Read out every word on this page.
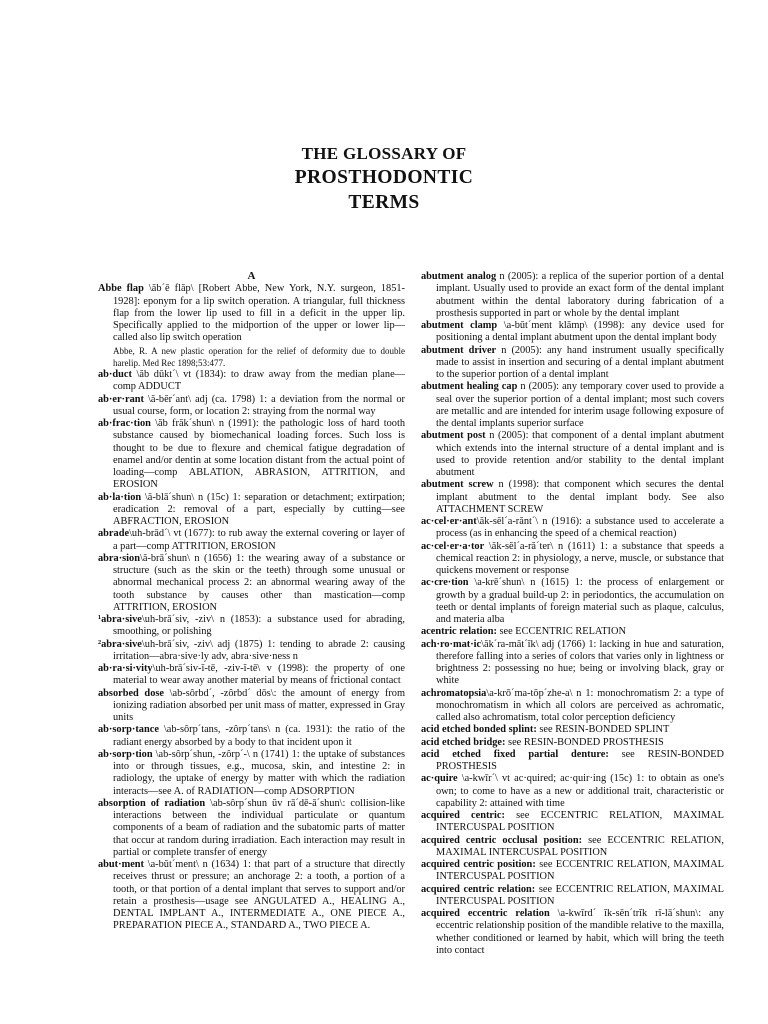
THE GLOSSARY OF
PROSTHODONTIC
TERMS

A

Abbe flap \ăb´ē flăp\ [Robert Abbe, New York, N.Y. surgeon, 1851-1928]: eponym for a lip switch operation. A triangular, full thickness flap from the lower lip used to fill in a deficit in the upper lip. Specifically applied to the midportion of the upper or lower lip—called also lip switch operation

Abbe, R. A new plastic operation for the relief of deformity due to double harelip. Med Rec 1898;53:477.

ab·duct \ăb dŭkt´\ vt (1834): to draw away from the median plane—comp ADDUCT

ab·er·rant \ă-bĕr´ant\ adj (ca. 1798) 1: a deviation from the normal or usual course, form, or location 2: straying from the normal way

ab·frac·tion \ăb frăk´shun\ n (1991): the pathologic loss of hard tooth substance caused by biomechanical loading forces. Such loss is thought to be due to flexure and chemical fatigue degradation of enamel and/or dentin at some location distant from the actual point of loading—comp ABLATION, ABRASION, ATTRITION, and EROSION

ab·la·tion \ă-blā´shun\ n (15c) 1: separation or detachment; extirpation; eradication 2: removal of a part, especially by cutting—see ABFRACTION, EROSION

abrade\uh-brād´\ vt (1677): to rub away the external covering or layer of a part—comp ATTRITION, EROSION

abra·sion\ă-brā´shun\ n (1656) 1: the wearing away of a substance or structure (such as the skin or the teeth) through some unusual or abnormal mechanical process 2: an abnormal wearing away of the tooth substance by causes other than mastication—comp ATTRITION, EROSION

¹abra·sive\uh-brā´siv, -ziv\ n (1853): a substance used for abrading, smoothing, or polishing

²abra·sive\uh-brā´siv, -ziv\ adj (1875) 1: tending to abrade 2: causing irritation—abra·sive·ly adv, abra·sive·ness n

ab·ra·si·vity\uh-brā´siv-ĭ-tē, -ziv-ĭ-tē\ v (1998): the property of one material to wear away another material by means of frictional contact

absorbed dose \ab-sôrbd´, -zôrbd´ dōs\: the amount of energy from ionizing radiation absorbed per unit mass of matter, expressed in Gray units

ab·sorp·tance \ab-sôrp´tans, -zôrp´tans\ n (ca. 1931): the ratio of the radiant energy absorbed by a body to that incident upon it

ab·sorp·tion \ab-sôrp´shun, -zôrp´-\ n (1741) 1: the uptake of substances into or through tissues, e.g., mucosa, skin, and intestine 2: in radiology, the uptake of energy by matter with which the radiation interacts—see A. of RADIATION—comp ADSORPTION

absorption of radiation \ab-sôrp´shun ŭv rā´dē-ā´shun\: collision-like interactions between the individual particulate or quantum components of a beam of radiation and the subatomic parts of matter that occur at random during irradiation. Each interaction may result in partial or complete transfer of energy

abut·ment \a-bŭt´ment\ n (1634) 1: that part of a structure that directly receives thrust or pressure; an anchorage 2: a tooth, a portion of a tooth, or that portion of a dental implant that serves to support and/or retain a prosthesis—usage see ANGULATED A., HEALING A., DENTAL IMPLANT A., INTERMEDIATE A., ONE PIECE A., PREPARATION PIECE A., STANDARD A., TWO PIECE A.

abutment analog n (2005): a replica of the superior portion of a dental implant. Usually used to provide an exact form of the dental implant abutment within the dental laboratory during fabrication of a prosthesis supported in part or whole by the dental implant

abutment clamp \a-bŭt´ment klămp\ (1998): any device used for positioning a dental implant abutment upon the dental implant body

abutment driver n (2005): any hand instrument usually specifically made to assist in insertion and securing of a dental implant abutment to the superior portion of a dental implant

abutment healing cap n (2005): any temporary cover used to provide a seal over the superior portion of a dental implant; most such covers are metallic and are intended for interim usage following exposure of the dental implants superior surface

abutment post n (2005): that component of a dental implant abutment which extends into the internal structure of a dental implant and is used to provide retention and/or stability to the dental implant abutment

abutment screw n (1998): that component which secures the dental implant abutment to the dental implant body. See also ATTACHMENT SCREW

ac·cel·er·ant\ăk-sĕl´a-rănt´\ n (1916): a substance used to accelerate a process (as in enhancing the speed of a chemical reaction)

ac·cel·er·a·tor \ăk-sĕl´a-ră´ter\ n (1611) 1: a substance that speeds a chemical reaction 2: in physiology, a nerve, muscle, or substance that quickens movement or response

ac·cre·tion \a-krē´shun\ n (1615) 1: the process of enlargement or growth by a gradual build-up 2: in periodontics, the accumulation on teeth or dental implants of foreign material such as plaque, calculus, and materia alba

acentric relation: see ECCENTRIC RELATION

ach·ro·mat·ic\ăk´ra-măt´ĭk\ adj (1766) 1: lacking in hue and saturation, therefore falling into a series of colors that varies only in lightness or brightness 2: possessing no hue; being or involving black, gray or white

achromatopsia\a-krō´ma-tŏp´zhe-a\ n 1: monochromatism 2: a type of monochromatism in which all colors are perceived as achromatic, called also achromatism, total color perception deficiency

acid etched bonded splint: see RESIN-BONDED SPLINT

acid etched bridge: see RESIN-BONDED PROSTHESIS

acid etched fixed partial denture: see RESIN-BONDED PROSTHESIS

ac·quire \a-kwīr´\ vt ac·quired; ac·quir·ing (15c) 1: to obtain as one's own; to come to have as a new or additional trait, characteristic or capability 2: attained with time

acquired centric: see ECCENTRIC RELATION, MAXIMAL INTERCUSPAL POSITION

acquired centric occlusal position: see ECCENTRIC RELATION, MAXIMAL INTERCUSPAL POSITION

acquired centric position: see ECCENTRIC RELATION, MAXIMAL INTERCUSPAL POSITION

acquired centric relation: see ECCENTRIC RELATION, MAXIMAL INTERCUSPAL POSITION

acquired eccentric relation \a-kwīrd´ ĭk-sĕn´trĭk rĭ-lā´shun\: any eccentric relationship position of the mandible relative to the maxilla, whether conditioned or learned by habit, which will bring the teeth into contact
